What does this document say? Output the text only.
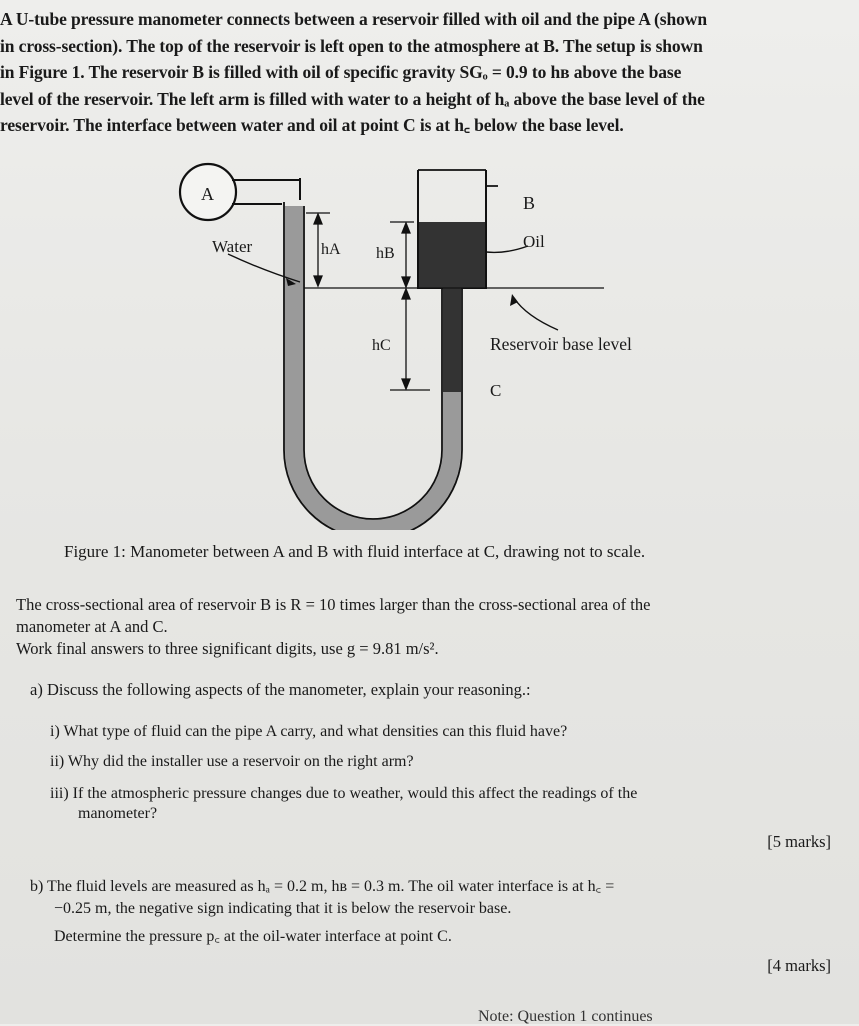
A U-tube pressure manometer connects between a reservoir filled with oil and the pipe A (shown
in cross-section). The top of the reservoir is left open to the atmosphere at B. The setup is shown
in Figure 1. The reservoir B is filled with oil of specific gravity SGₒ = 0.9 to hʙ above the base
level of the reservoir. The left arm is filled with water to a height of hₐ above the base level of the
reservoir. The interface between water and oil at point C is at h꜀ below the base level.
A	B
Water	Oil
hA hB
hC	Reservoir base level
C
Figure 1: Manometer between A and B with fluid interface at C, drawing not to scale.
The cross-sectional area of reservoir B is R = 10 times larger than the cross-sectional area of the
manometer at A and C.
Work final answers to three significant digits, use g = 9.81 m/s².
a) Discuss the following aspects of the manometer, explain your reasoning.:
i) What type of fluid can the pipe A carry, and what densities can this fluid have?
ii) Why did the installer use a reservoir on the right arm?
iii) If the atmospheric pressure changes due to weather, would this affect the readings of the
manometer?
[5 marks]
b) The fluid levels are measured as hₐ = 0.2 m, hʙ = 0.3 m. The oil water interface is at h꜀ =
−0.25 m, the negative sign indicating that it is below the reservoir base.
Determine the pressure p꜀ at the oil-water interface at point C.
[4 marks]
Note: Question 1 continues
